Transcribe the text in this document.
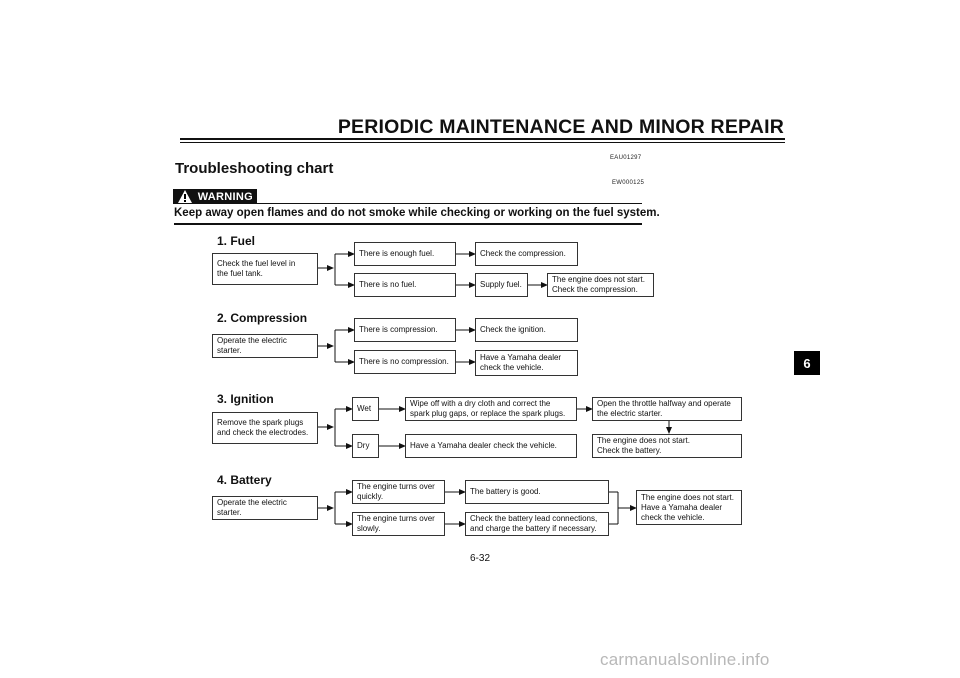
PERIODIC MAINTENANCE AND MINOR REPAIR
EAU01297
Troubleshooting chart
EW000125
WARNING
Keep away open flames and do not smoke while checking or working on the fuel system.
1. Fuel
Check the fuel level in
the fuel tank.
There is enough fuel.	Check the compression.
There is no fuel.	Supply fuel.
The engine does not start.
Check the compression.
2. Compression
Operate the electric starter.
There is compression.	Check the ignition.
There is no compression.	Have a Yamaha dealer
check the vehicle.
3. Ignition
Remove the spark plugs
and check the electrodes.
Wet
Wipe off with a dry cloth and correct the
spark plug gaps, or replace the spark plugs.
Open the throttle halfway and operate
the electric starter.
The engine does not start.
Check the battery.
Dry	Have a Yamaha dealer check the vehicle.
4. Battery
Operate the electric starter.
The engine turns over
quickly.
The battery is good.
The engine turns over
slowly.
Check the battery lead connections,
and charge the battery if necessary.
The engine does not start.
Have a Yamaha dealer
check the vehicle.
6
6-32
carmanualsonline.info
